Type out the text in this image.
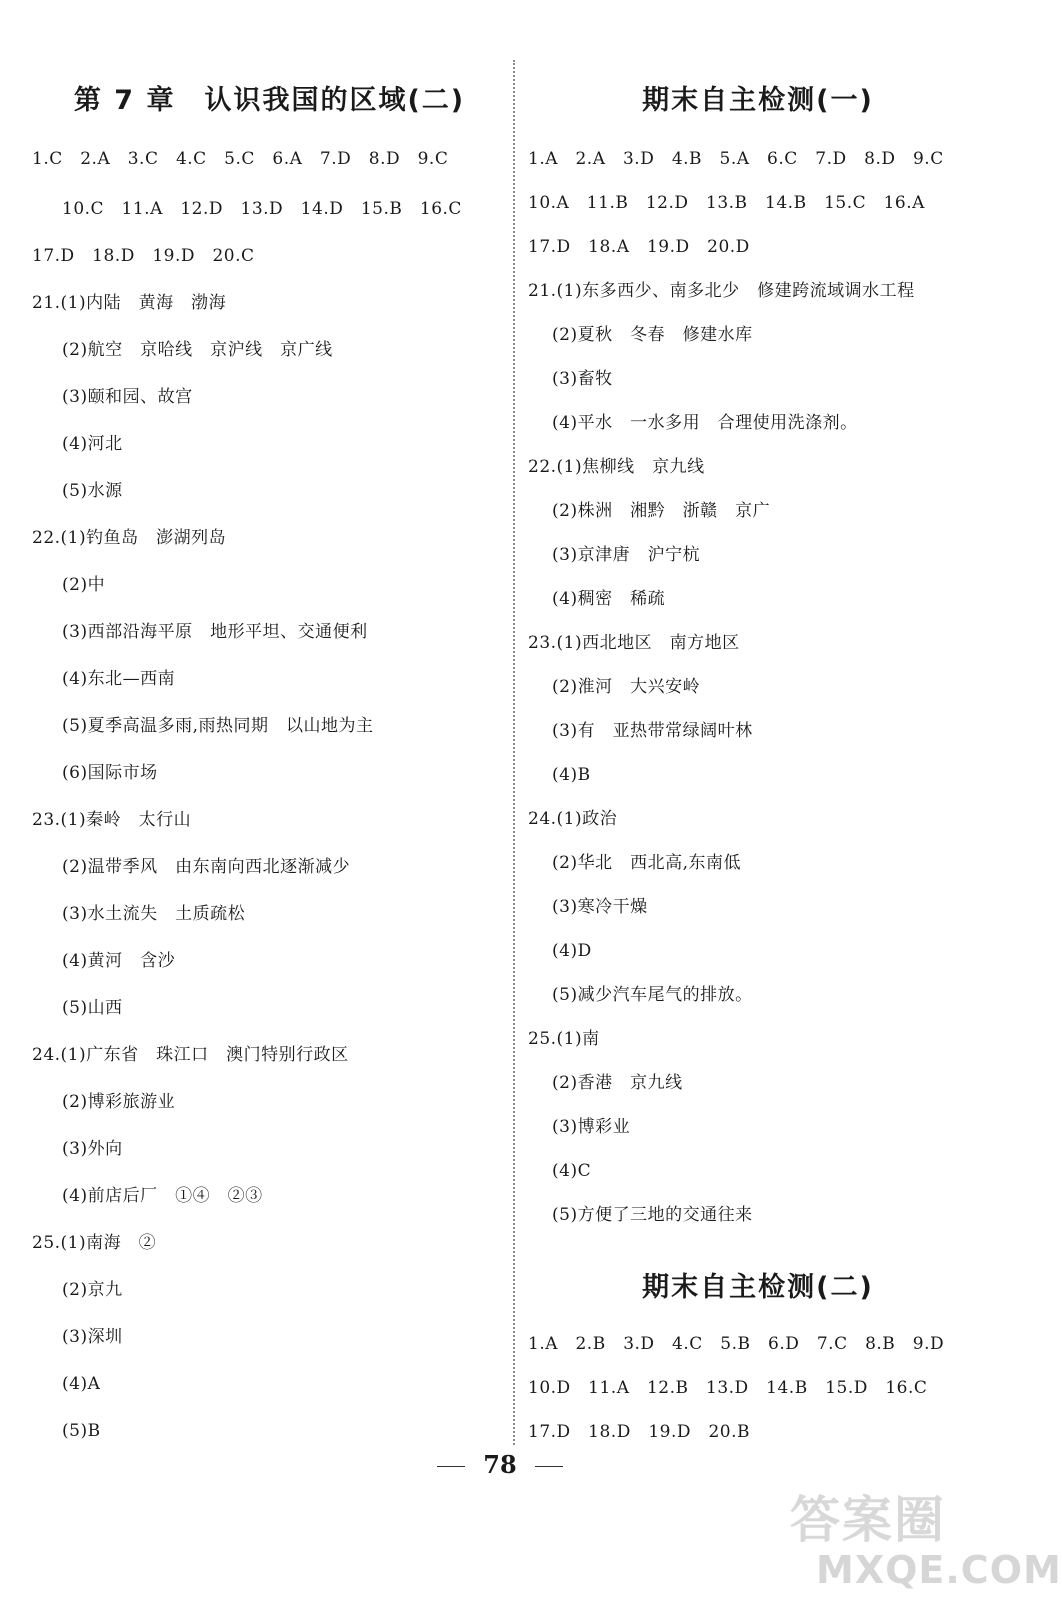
第 7 章　认识我国的区域(二)
1.C　2.A　3.C　4.C　5.C　6.A　7.D　8.D　9.C
10.C　11.A　12.D　13.D　14.D　15.B　16.C
17.D　18.D　19.D　20.C
21.(1)内陆　黄海　渤海
(2)航空　京哈线　京沪线　京广线
(3)颐和园、故宫
(4)河北
(5)水源
22.(1)钓鱼岛　澎湖列岛
(2)中
(3)西部沿海平原　地形平坦、交通便利
(4)东北—西南
(5)夏季高温多雨,雨热同期　以山地为主
(6)国际市场
23.(1)秦岭　太行山
(2)温带季风　由东南向西北逐渐减少
(3)水土流失　土质疏松
(4)黄河　含沙
(5)山西
24.(1)广东省　珠江口　澳门特别行政区
(2)博彩旅游业
(3)外向
(4)前店后厂　①④　②③
25.(1)南海　②
(2)京九
(3)深圳
(4)A
(5)B
期末自主检测(一)
1.A　2.A　3.D　4.B　5.A　6.C　7.D　8.D　9.C
10.A　11.B　12.D　13.B　14.B　15.C　16.A
17.D　18.A　19.D　20.D
21.(1)东多西少、南多北少　修建跨流域调水工程
(2)夏秋　冬春　修建水库
(3)畜牧
(4)平水　一水多用　合理使用洗涤剂。
22.(1)焦柳线　京九线
(2)株洲　湘黔　浙赣　京广
(3)京津唐　沪宁杭
(4)稠密　稀疏
23.(1)西北地区　南方地区
(2)淮河　大兴安岭
(3)有　亚热带常绿阔叶林
(4)B
24.(1)政治
(2)华北　西北高,东南低
(3)寒冷干燥
(4)D
(5)减少汽车尾气的排放。
25.(1)南
(2)香港　京九线
(3)博彩业
(4)C
(5)方便了三地的交通往来
期末自主检测(二)
1.A　2.B　3.D　4.C　5.B　6.D　7.C　8.B　9.D
10.D　11.A　12.B　13.D　14.B　15.D　16.C
17.D　18.D　19.D　20.B
78
答案圈
MXQE.COM
